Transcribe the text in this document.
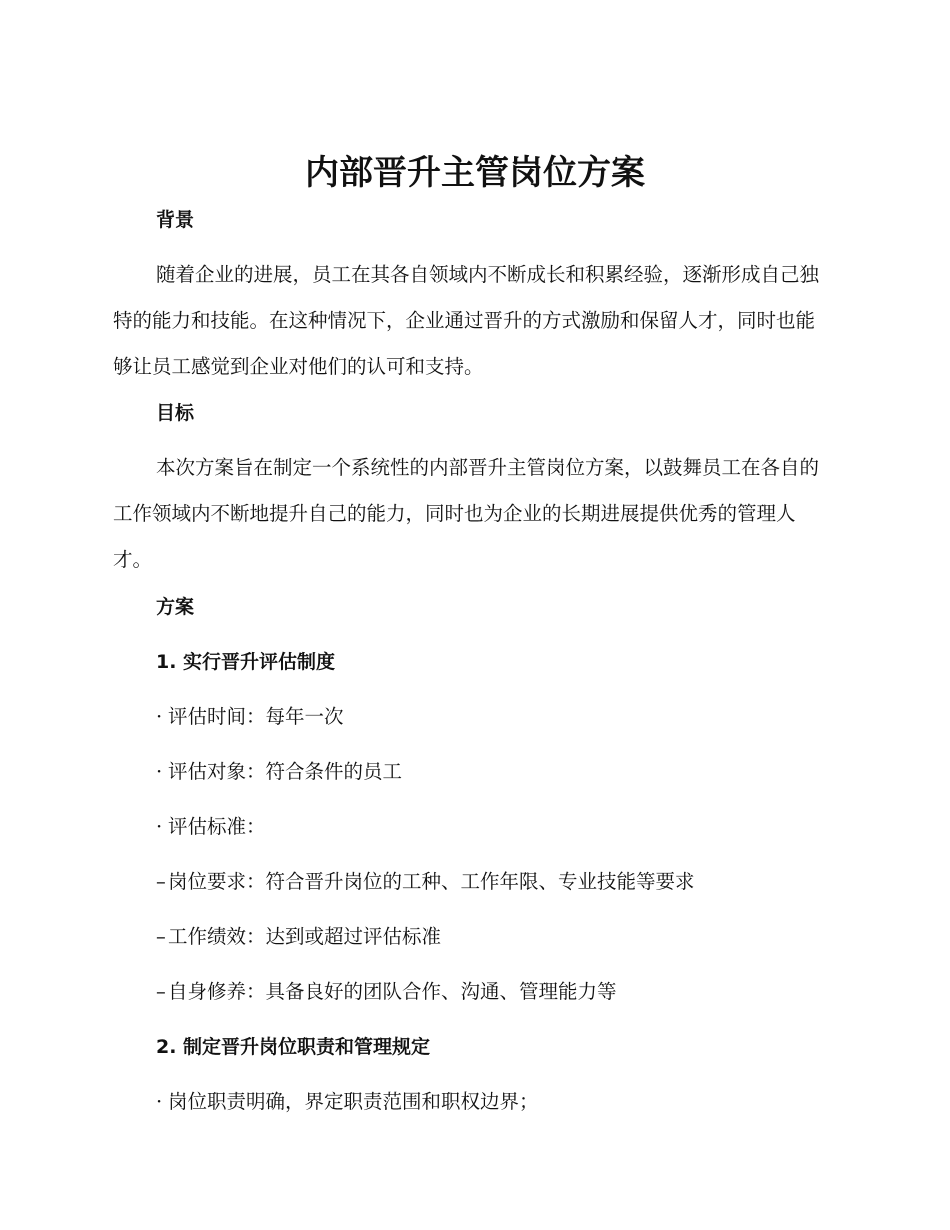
内部晋升主管岗位方案
背景

随着企业的进展，员工在其各自领域内不断成长和积累经验，逐渐形成自己独特的能力和技能。在这种情况下，企业通过晋升的方式激励和保留人才，同时也能够让员工感觉到企业对他们的认可和支持。

目标

本次方案旨在制定一个系统性的内部晋升主管岗位方案，以鼓舞员工在各自的工作领域内不断地提升自己的能力，同时也为企业的长期进展提供优秀的管理人才。

方案
1. 实行晋升评估制度
· 评估时间：每年一次
· 评估对象：符合条件的员工
· 评估标准：
– 岗位要求：符合晋升岗位的工种、工作年限、专业技能等要求
– 工作绩效：达到或超过评估标准
– 自身修养：具备良好的团队合作、沟通、管理能力等
2. 制定晋升岗位职责和管理规定
· 岗位职责明确，界定职责范围和职权边界；
